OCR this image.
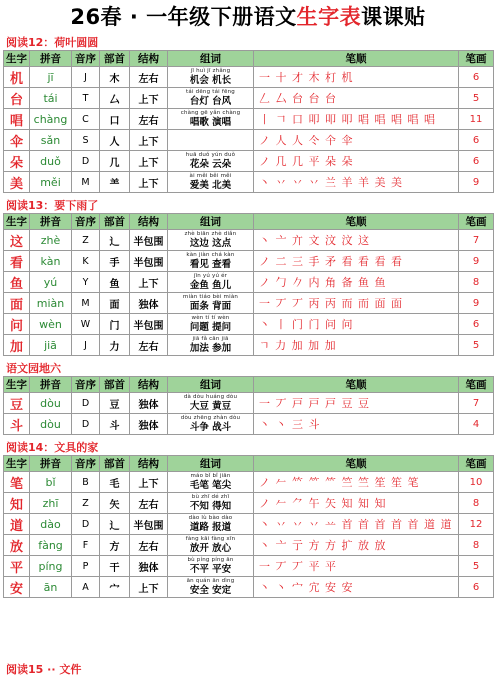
26春 · 一年级下册语文生字表课课贴
阅读12：荷叶圆圆
生字	拼音	音序	部首	结构	组词	笔顺	笔画
机	jī	J	木	左右	jī huì jī zhǎng
机会 机长	一 十 才 木 朾 机	6
台	tái	T	厶	上下	tái dēng tái fēng
台灯 台风	𠃋 厶 台 台 台	5
唱	chàng	C	口	左右	chàng gē yǎn chàng
唱歌 演唱	丨 𠃍 口 叩 叩 叩 唱 唱 唱 唱 唱	11
伞	sǎn	S	人	上下		ノ 人 人 仒 仐 伞	6
朵	duǒ	D	几	上下	huā duǒ yún duǒ
花朵 云朵	ノ 几 几 平 朵 朵	6
美	měi	M	⺷	上下	ài měi běi měi
爱美 北美	丶 丷 丷 丷 兰 羊 羊 美 美	9
阅读13：要下雨了
生字	拼音	音序	部首	结构	组词	笔顺	笔画
这	zhè	Z	辶	半包围	zhè biān zhè diǎn
这边 这点	丶 亠 亣 文 汶 汶 这	7
看	kàn	K	手	半包围	kàn jiàn chá kàn
看见 查看	ノ 二 三 手 矛 看 看 看 看	9
鱼	yú	Y	鱼	上下	jīn yú yú ér
金鱼 鱼儿	ノ 勹 𠂊 内 角 备 鱼 鱼	8
面	miàn	M	面	独体	miàn tiáo bèi miàn
面条 背面	一 丆 丆 丙 丙 而 而 面 面	9
问	wèn	W	门	半包围	wèn tí tí wèn
问题 提问	丶 丨 门 门 问 问	6
加	jiā	J	力	左右	jiā fǎ cān jiā
加法 参加	ㄱ 力 加 加 加	5
语文园地六
生字	拼音	音序	部首	结构	组词	笔顺	笔画
豆	dòu	D	豆	独体	dà dòu huáng dòu
大豆 黄豆	一 丆 戸 戸 戸 豆 豆	7
斗	dòu	D	斗	独体	dòu zhēng zhàn dòu
斗争 战斗	丶 丶 三 斗	4
阅读14：文具的家
生字	拼音	音序	部首	结构	组词	笔顺	笔画
笔	bǐ	B	毛	上下	máo bǐ bǐ jiān
毛笔 笔尖	ノ 𠂉 𥫗 ⺮ ⺮ 竺 竺 笙 笙 笔	10
知	zhī	Z	矢	左右	bù zhī dé zhī
不知 得知	ノ 𠂉 ⺈ 午 矢 知 知 知	8
道	dào	D	辶	半包围	dào lù bào dào
道路 报道	丶 丷 丷 丷 䒑 首 首 首 首 首 道 道	12
放	fàng	F	方	左右	fàng kāi fàng xīn
放开 放心	丶 亠 亍 方 方 扩 放 放	8
平	píng	P	干	独体	bù píng píng ān
不平 平安	一 丆 丆 平 平	5
安	ān	A	宀	上下	ān quán ān dìng
安全 安定	丶 丶 宀 宂 安 安	6
阅读15 ·· 文件
